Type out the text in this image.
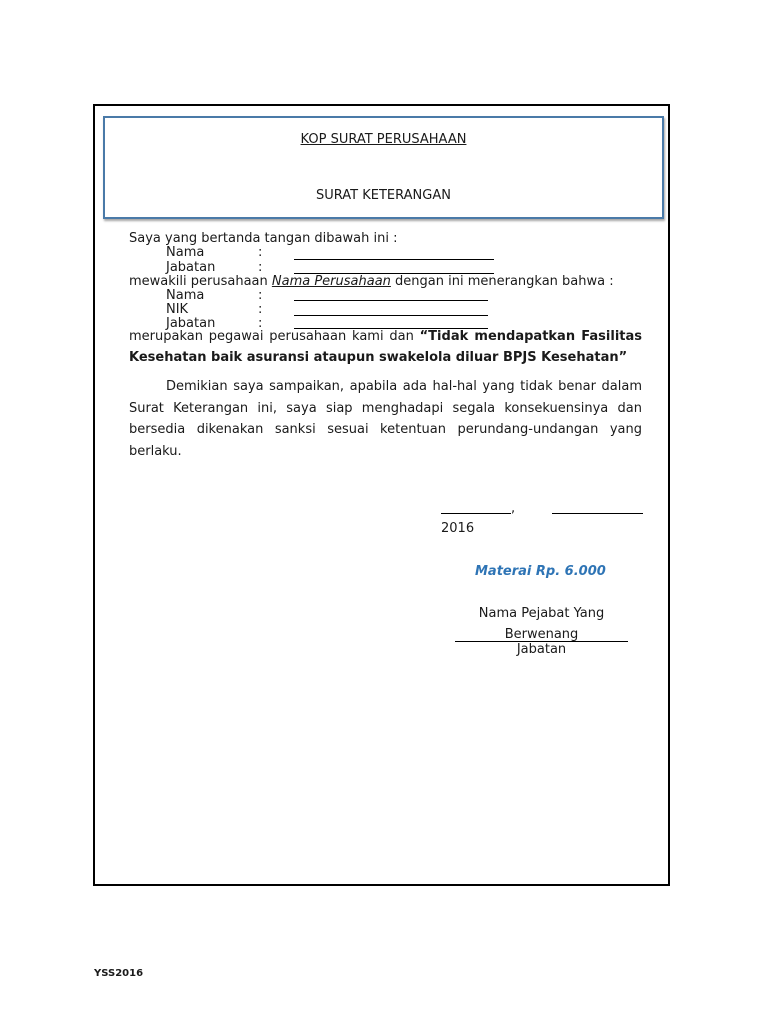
KOP SURAT PERUSAHAAN
SURAT KETERANGAN
Saya yang bertanda tangan dibawah ini :
Nama	:
Jabatan	:
mewakili perusahaan Nama Perusahaan dengan ini menerangkan bahwa :
Nama	:
NIK	:
Jabatan	:
merupakan pegawai perusahaan kami dan “Tidak mendapatkan Fasilitas
Kesehatan baik asuransi ataupun swakelola diluar BPJS Kesehatan”
Demikian saya sampaikan, apabila ada hal-hal yang tidak benar dalam Surat Keterangan ini, saya siap menghadapi segala konsekuensinya dan bersedia dikenakan sanksi sesuai ketentuan perundang-undangan yang berlaku.
,
2016
Materai Rp. 6.000
Nama Pejabat Yang
Berwenang
Jabatan
YSS2016
